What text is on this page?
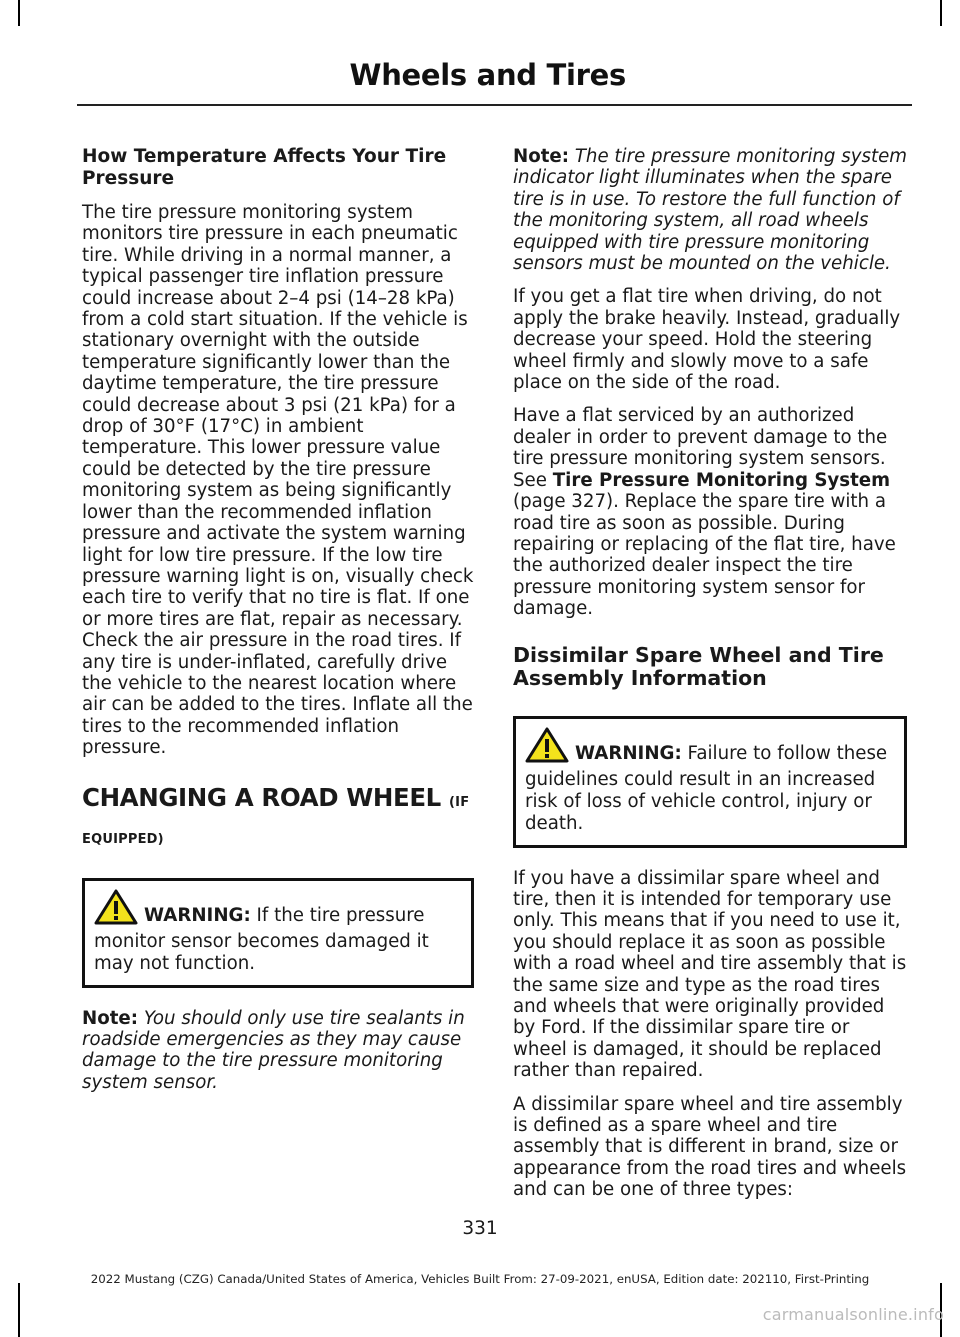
Wheels and Tires
How Temperature Affects Your Tire Pressure

The tire pressure monitoring system monitors tire pressure in each pneumatic tire. While driving in a normal manner, a typical passenger tire inflation pressure could increase about 2–4 psi (14–28 kPa) from a cold start situation. If the vehicle is stationary overnight with the outside temperature significantly lower than the daytime temperature, the tire pressure could decrease about 3 psi (21 kPa) for a drop of 30°F (17°C) in ambient temperature. This lower pressure value could be detected by the tire pressure monitoring system as being significantly lower than the recommended inflation pressure and activate the system warning light for low tire pressure. If the low tire pressure warning light is on, visually check each tire to verify that no tire is flat. If one or more tires are flat, repair as necessary. Check the air pressure in the road tires. If any tire is under-inflated, carefully drive the vehicle to the nearest location where air can be added to the tires. Inflate all the tires to the recommended inflation pressure.

CHANGING A ROAD WHEEL (IF
EQUIPPED)
WARNING: If the tire pressure monitor sensor becomes damaged it may not function.

Note: You should only use tire sealants in roadside emergencies as they may cause damage to the tire pressure monitoring system sensor.

Note: The tire pressure monitoring system indicator light illuminates when the spare tire is in use. To restore the full function of the monitoring system, all road wheels equipped with tire pressure monitoring sensors must be mounted on the vehicle.

If you get a flat tire when driving, do not apply the brake heavily. Instead, gradually decrease your speed. Hold the steering wheel firmly and slowly move to a safe place on the side of the road.

Have a flat serviced by an authorized dealer in order to prevent damage to the tire pressure monitoring system sensors. See Tire Pressure Monitoring System (page 327). Replace the spare tire with a road tire as soon as possible. During repairing or replacing of the flat tire, have the authorized dealer inspect the tire pressure monitoring system sensor for damage.

Dissimilar Spare Wheel and Tire Assembly Information
WARNING: Failure to follow these guidelines could result in an increased risk of loss of vehicle control, injury or death.

If you have a dissimilar spare wheel and tire, then it is intended for temporary use only. This means that if you need to use it, you should replace it as soon as possible with a road wheel and tire assembly that is the same size and type as the road tires and wheels that were originally provided by Ford. If the dissimilar spare tire or wheel is damaged, it should be replaced rather than repaired.

A dissimilar spare wheel and tire assembly is defined as a spare wheel and tire assembly that is different in brand, size or appearance from the road tires and wheels and can be one of three types:

331
2022 Mustang (CZG) Canada/United States of America, Vehicles Built From: 27-09-2021, enUSA, Edition date: 202110, First-Printing
carmanualsonline.info
